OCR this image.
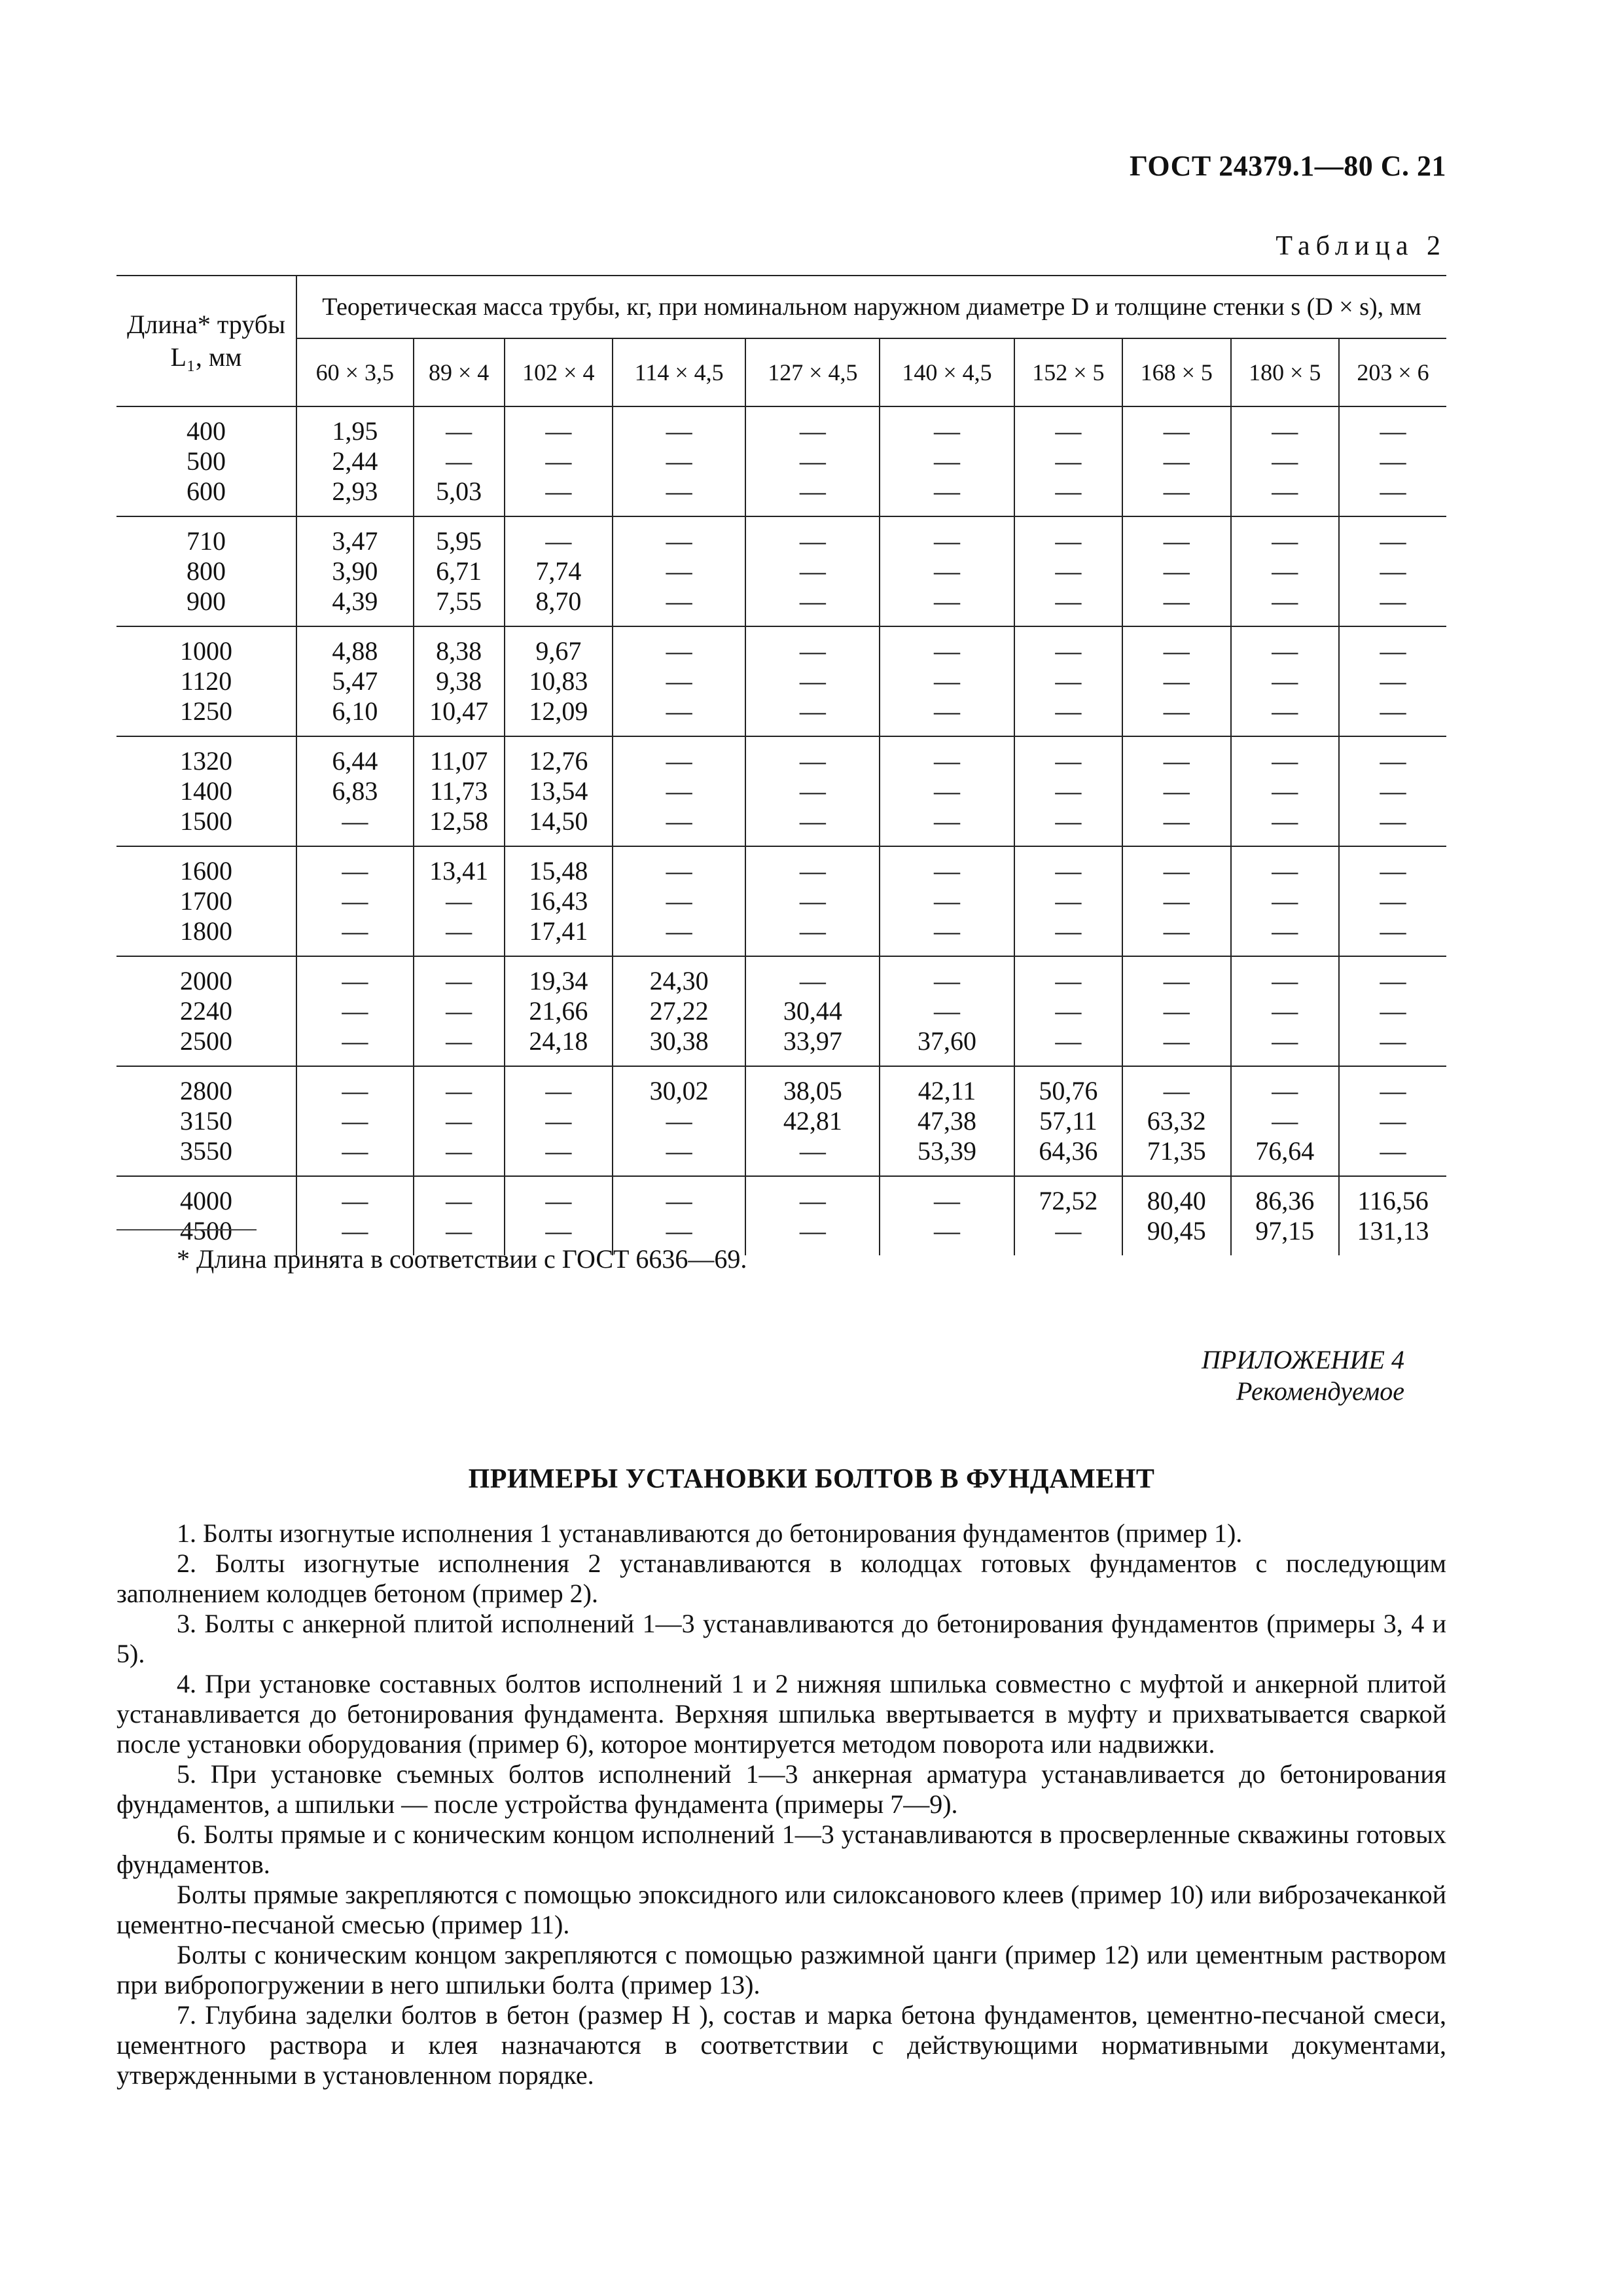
ГОСТ 24379.1—80 С. 21
Таблица 2
Длина* трубы
L₁, мм	Теоретическая масса трубы, кг, при номинальном наружном диаметре D и толщине стенки s (D × s), мм									
	60 × 3,5	89 × 4	102 × 4	114 × 4,5	127 × 4,5	140 × 4,5	152 × 5	168 × 5	180 × 5	203 × 6
400	1,95	—	—	—	—	—	—	—	—	—
500	2,44	—	—	—	—	—	—	—	—	—
600	2,93	5,03	—	—	—	—	—	—	—	—
710	3,47	5,95	—	—	—	—	—	—	—	—
800	3,90	6,71	7,74	—	—	—	—	—	—	—
900	4,39	7,55	8,70	—	—	—	—	—	—	—
1000	4,88	8,38	9,67	—	—	—	—	—	—	—
1120	5,47	9,38	10,83	—	—	—	—	—	—	—
1250	6,10	10,47	12,09	—	—	—	—	—	—	—
1320	6,44	11,07	12,76	—	—	—	—	—	—	—
1400	6,83	11,73	13,54	—	—	—	—	—	—	—
1500	—	12,58	14,50	—	—	—	—	—	—	—
1600	—	13,41	15,48	—	—	—	—	—	—	—
1700	—	—	16,43	—	—	—	—	—	—	—
1800	—	—	17,41	—	—	—	—	—	—	—
2000	—	—	19,34	24,30	—	—	—	—	—	—
2240	—	—	21,66	27,22	30,44	—	—	—	—	—
2500	—	—	24,18	30,38	33,97	37,60	—	—	—	—
2800	—	—	—	30,02	38,05	42,11	50,76	—	—	—
3150	—	—	—	—	42,81	47,38	57,11	63,32	—	—
3550	—	—	—	—	—	53,39	64,36	71,35	76,64	—
4000	—	—	—	—	—	—	72,52	80,40	86,36	116,56
4500	—	—	—	—	—	—	—	90,45	97,15	131,13
* Длина принята в соответствии с ГОСТ 6636—69.
ПРИЛОЖЕНИЕ 4
Рекомендуемое
ПРИМЕРЫ УСТАНОВКИ БОЛТОВ В ФУНДАМЕНТ

1. Болты изогнутые исполнения 1 устанавливаются до бетонирования фундаментов (пример 1).

2. Болты изогнутые исполнения 2 устанавливаются в колодцах готовых фундаментов с последующим заполнением колодцев бетоном (пример 2).

3. Болты с анкерной плитой исполнений 1—3 устанавливаются до бетонирования фундаментов (примеры 3, 4 и 5).

4. При установке составных болтов исполнений 1 и 2 нижняя шпилька совместно с муфтой и анкерной плитой устанавливается до бетонирования фундамента. Верхняя шпилька ввертывается в муфту и прихватывается сваркой после установки оборудования (пример 6), которое монтируется методом поворота или надвижки.

5. При установке съемных болтов исполнений 1—3 анкерная арматура устанавливается до бетонирования фундаментов, а шпильки — после устройства фундамента (примеры 7—9).

6. Болты прямые и с коническим концом исполнений 1—3 устанавливаются в просверленные скважины готовых фундаментов.

Болты прямые закрепляются с помощью эпоксидного или силоксанового клеев (пример 10) или виброзачеканкой цементно-песчаной смесью (пример 11).

Болты с коническим концом закрепляются с помощью разжимной цанги (пример 12) или цементным раствором при вибропогружении в него шпильки болта (пример 13).

7. Глубина заделки болтов в бетон (размер H ), состав и марка бетона фундаментов, цементно-песчаной смеси, цементного раствора и клея назначаются в соответствии с действующими нормативными документами, утвержденными в установленном порядке.
